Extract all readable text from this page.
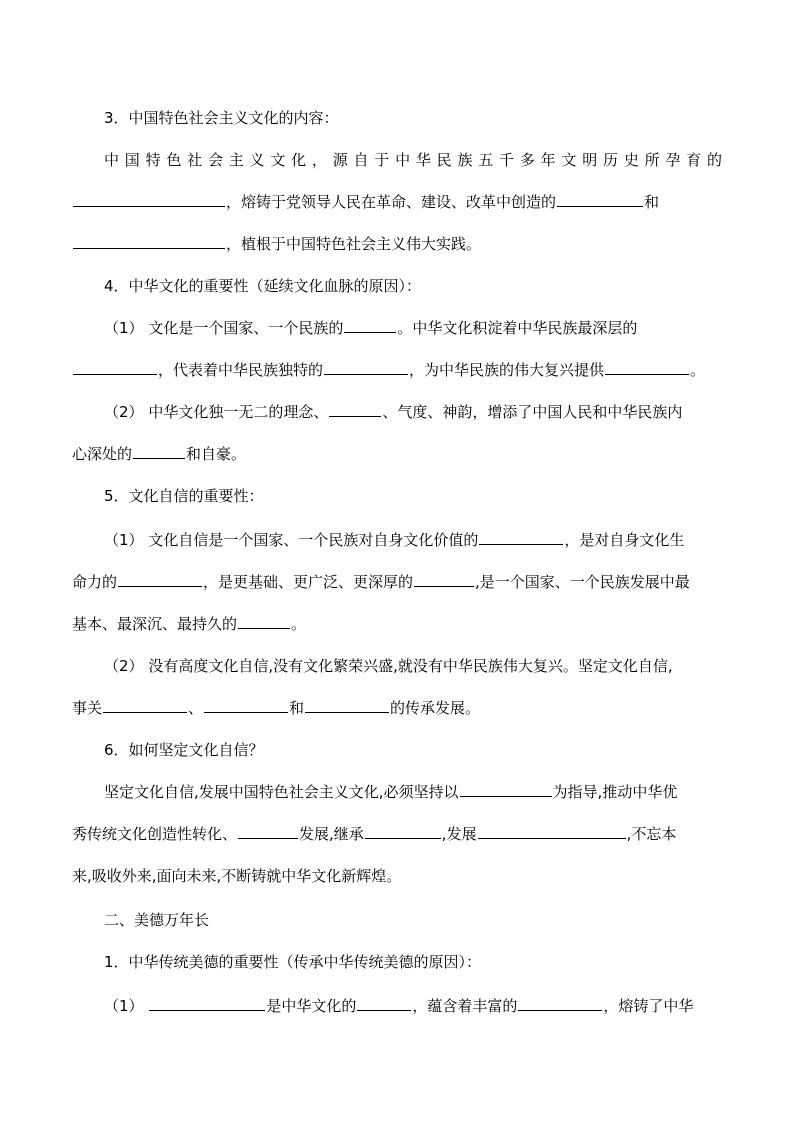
3．中国特色社会主义文化的内容：
中国特色社会主义文化，源自于中华民族五千多年文明历史所孕育的
，熔铸于党领导人民在革命、建设、改革中创造的	和
，植根于中国特色社会主义伟大实践。
4．中华文化的重要性（延续文化血脉的原因）：
（1） 文化是一个国家、一个民族的	。中华文化积淀着中华民族最深层的
，代表着中华民族独特的	，为中华民族的伟大复兴提供	。
（2） 中华文化独一无二的理念、	、气度、神韵，增添了中国人民和中华民族内
心深处的	和自豪。
5．文化自信的重要性：
（1） 文化自信是一个国家、一个民族对自身文化价值的	，是对自身文化生
命力的	，是更基础、更广泛、更深厚的	,是一个国家、一个民族发展中最
基本、最深沉、最持久的	。
（2） 没有高度文化自信,没有文化繁荣兴盛,就没有中华民族伟大复兴。坚定文化自信,
事关	、	和	的传承发展。
6．如何坚定文化自信？
坚定文化自信,发展中国特色社会主义文化,必须坚持以	为指导,推动中华优
秀传统文化创造性转化、	发展,继承	,发展	,不忘本
来,吸收外来,面向未来,不断铸就中华文化新辉煌。
二、美德万年长
1．中华传统美德的重要性（传承中华传统美德的原因）：
（1）	是中华文化的	，蕴含着丰富的	，熔铸了中华
